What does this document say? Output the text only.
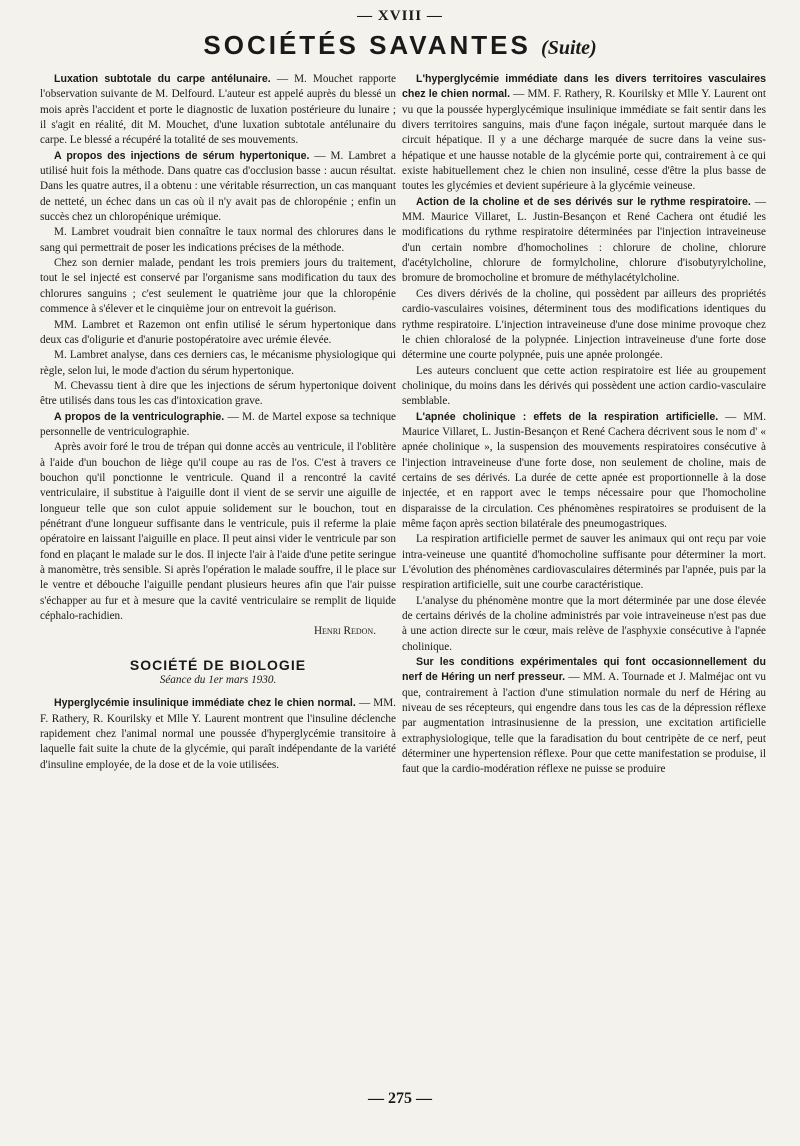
— XVIII —
SOCIÉTÉS SAVANTES (Suite)

Luxation subtotale du carpe antélunaire. — M. Mouchet rapporte l'observation suivante de M. Delfourd. L'auteur est appelé auprès du blessé un mois après l'accident et porte le diagnostic de luxation postérieure du lunaire ; il s'agit en réalité, dit M. Mouchet, d'une luxation subtotale antélunaire du carpe. Le blessé a récupéré la totalité de ses mouvements.

A propos des injections de sérum hypertonique. — M. Lambret a utilisé huit fois la méthode. Dans quatre cas d'occlusion basse : aucun résultat. Dans les quatre autres, il a obtenu : une véritable résurrection, un cas manquant de netteté, un échec dans un cas où il n'y avait pas de chloropénie ; enfin un succès chez un chloropénique urémique.

M. Lambret voudrait bien connaître le taux normal des chlorures dans le sang qui permettrait de poser les indications précises de la méthode.

Chez son dernier malade, pendant les trois premiers jours du traitement, tout le sel injecté est conservé par l'organisme sans modification du taux des chlorures sanguins ; c'est seulement le quatrième jour que la chloropénie commence à s'élever et le cinquième jour on entrevoit la guérison.

MM. Lambret et Razemon ont enfin utilisé le sérum hypertonique dans deux cas d'oligurie et d'anurie postopératoire avec urémie élevée.

M. Lambret analyse, dans ces derniers cas, le mécanisme physiologique qui règle, selon lui, le mode d'action du sérum hypertonique.

M. Chevassu tient à dire que les injections de sérum hypertonique doivent être utilisés dans tous les cas d'intoxication grave.

A propos de la ventriculographie. — M. de Martel expose sa technique personnelle de ventriculographie.

Après avoir foré le trou de trépan qui donne accès au ventricule, il l'oblitère à l'aide d'un bouchon de liège qu'il coupe au ras de l'os. C'est à travers ce bouchon qu'il ponctionne le ventricule. Quand il a rencontré la cavité ventriculaire, il substitue à l'aiguille dont il vient de se servir une aiguille de longueur telle que son culot appuie solidement sur le bouchon, tout en pénétrant d'une longueur suffisante dans le ventricule, puis il referme la plaie opératoire en laissant l'aiguille en place. Il peut ainsi vider le ventricule par son fond en plaçant le malade sur le dos. Il injecte l'air à l'aide d'une petite seringue à manomètre, très sensible. Si après l'opération le malade souffre, il le place sur le ventre et débouche l'aiguille pendant plusieurs heures afin que l'air puisse s'échapper au fur et à mesure que la cavité ventriculaire se remplit de liquide céphalo-rachidien.

Henri Redon.

SOCIÉTÉ DE BIOLOGIE
Séance du 1er mars 1930.

Hyperglycémie insulinique immédiate chez le chien normal. — MM. F. Rathery, R. Kourilsky et Mlle Y. Laurent montrent que l'insuline déclenche rapidement chez l'animal normal une poussée d'hyperglycémie transitoire à laquelle fait suite la chute de la glycémie, qui paraît indépendante de la variété d'insuline employée, de la dose et de la voie utilisées.

L'hyperglycémie immédiate dans les divers territoires vasculaires chez le chien normal. — MM. F. Rathery, R. Kourilsky et Mlle Y. Laurent ont vu que la poussée hyperglycémique insulinique immédiate se fait sentir dans les divers territoires sanguins, mais d'une façon inégale, surtout marquée dans le circuit hépatique. Il y a une décharge marquée de sucre dans la veine sus-hépatique et une hausse notable de la glycémie porte qui, contrairement à ce qui existe habituellement chez le chien non insuliné, cesse d'être la plus basse de toutes les glycémies et devient supérieure à la glycémie veineuse.

Action de la choline et de ses dérivés sur le rythme respiratoire. — MM. Maurice Villaret, L. Justin-Besançon et René Cachera ont étudié les modifications du rythme respiratoire déterminées par l'injection intraveineuse d'un certain nombre d'homocholines : chlorure de choline, chlorure d'acétylcholine, chlorure de formylcholine, chlorure d'isobutyrylcholine, bromure de bromocholine et bromure de méthylacétylcholine.

Ces divers dérivés de la choline, qui possèdent par ailleurs des propriétés cardio-vasculaires voisines, déterminent tous des modifications identiques du rythme respiratoire. L'injection intraveineuse d'une dose minime provoque chez le chien chloralosé de la polypnée. Linjection intraveineuse d'une forte dose détermine une courte polypnée, puis une apnée prolongée.

Les auteurs concluent que cette action respiratoire est liée au groupement cholinique, du moins dans les dérivés qui possèdent une action cardio-vasculaire semblable.

L'apnée cholinique : effets de la respiration artificielle. — MM. Maurice Villaret, L. Justin-Besançon et René Cachera décrivent sous le nom d' « apnée cholinique », la suspension des mouvements respiratoires consécutive à l'injection intraveineuse d'une forte dose, non seulement de choline, mais de certains de ses dérivés. La durée de cette apnée est proportionnelle à la dose injectée, et en rapport avec le temps nécessaire pour que l'homocholine disparaisse de la circulation. Ces phénomènes respiratoires se produisent de la même façon après section bilatérale des pneumogastriques.

La respiration artificielle permet de sauver les animaux qui ont reçu par voie intra-veineuse une quantité d'homocholine suffisante pour déterminer la mort. L'évolution des phénomènes cardiovasculaires déterminés par l'apnée, puis par la respiration artificielle, suit une courbe caractéristique.

L'analyse du phénomène montre que la mort déterminée par une dose élevée de certains dérivés de la choline administrés par voie intraveineuse n'est pas due à une action directe sur le cœur, mais relève de l'asphyxie consécutive à l'apnée cholinique.

Sur les conditions expérimentales qui font occasionnellement du nerf de Héring un nerf presseur. — MM. A. Tournade et J. Malméjac ont vu que, contrairement à l'action d'une stimulation normale du nerf de Héring au niveau de ses récepteurs, qui engendre dans tous les cas de la dépression réflexe par augmentation intrasinusienne de la pression, une excitation artificielle extraphysiologique, telle que la faradisation du bout centripète de ce nerf, peut déterminer une hypertension réflexe. Pour que cette manifestation se produise, il faut que la cardio-modération réflexe ne puisse se produire

— 275 —
